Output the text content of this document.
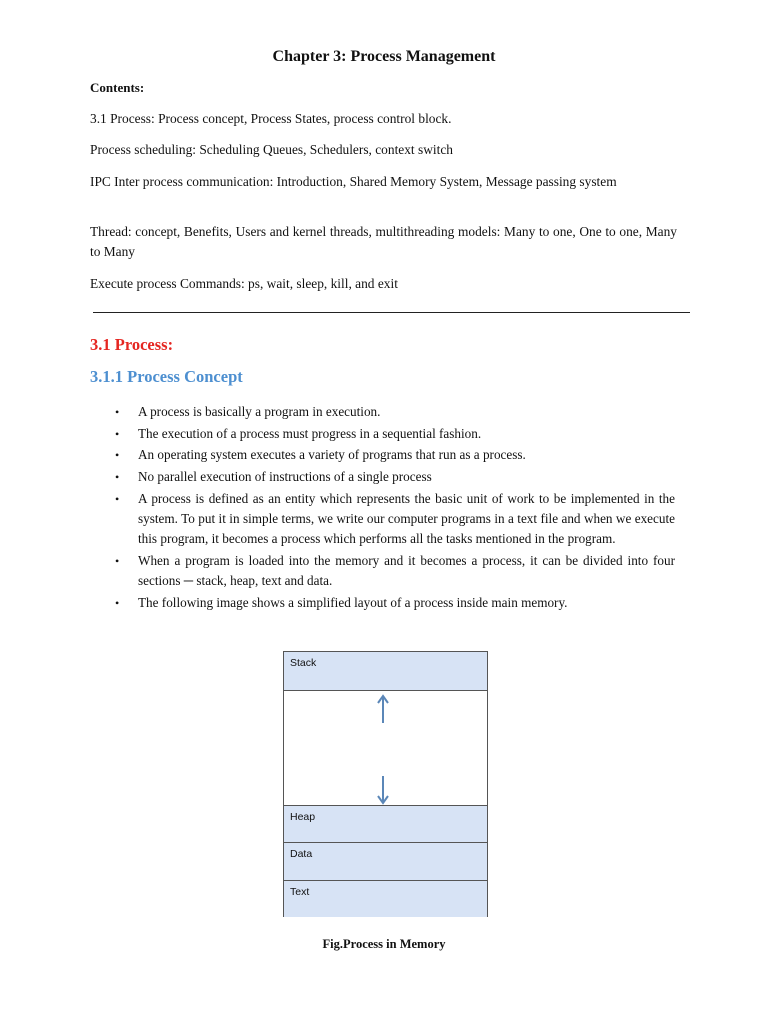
Chapter 3: Process Management
Contents:
3.1 Process: Process concept, Process States, process control block.
Process scheduling: Scheduling Queues, Schedulers, context switch
IPC Inter process communication: Introduction, Shared Memory System, Message passing system
Thread: concept, Benefits, Users and kernel threads, multithreading models: Many to one, One to one, Many to Many
Execute process Commands: ps, wait, sleep, kill, and exit
3.1 Process:
3.1.1 Process Concept
• A process is basically a program in execution.
• The execution of a process must progress in a sequential fashion.
• An operating system executes a variety of programs that run as a process.
• No parallel execution of instructions of a single process
• A process is defined as an entity which represents the basic unit of work to be implemented in the system. To put it in simple terms, we write our computer programs in a text file and when we execute this program, it becomes a process which performs all the tasks mentioned in the program.
• When a program is loaded into the memory and it becomes a process, it can be divided into four sections ─ stack, heap, text and data.
• The following image shows a simplified layout of a process inside main memory.
Stack
Heap
Data
Text
Fig.Process in Memory
